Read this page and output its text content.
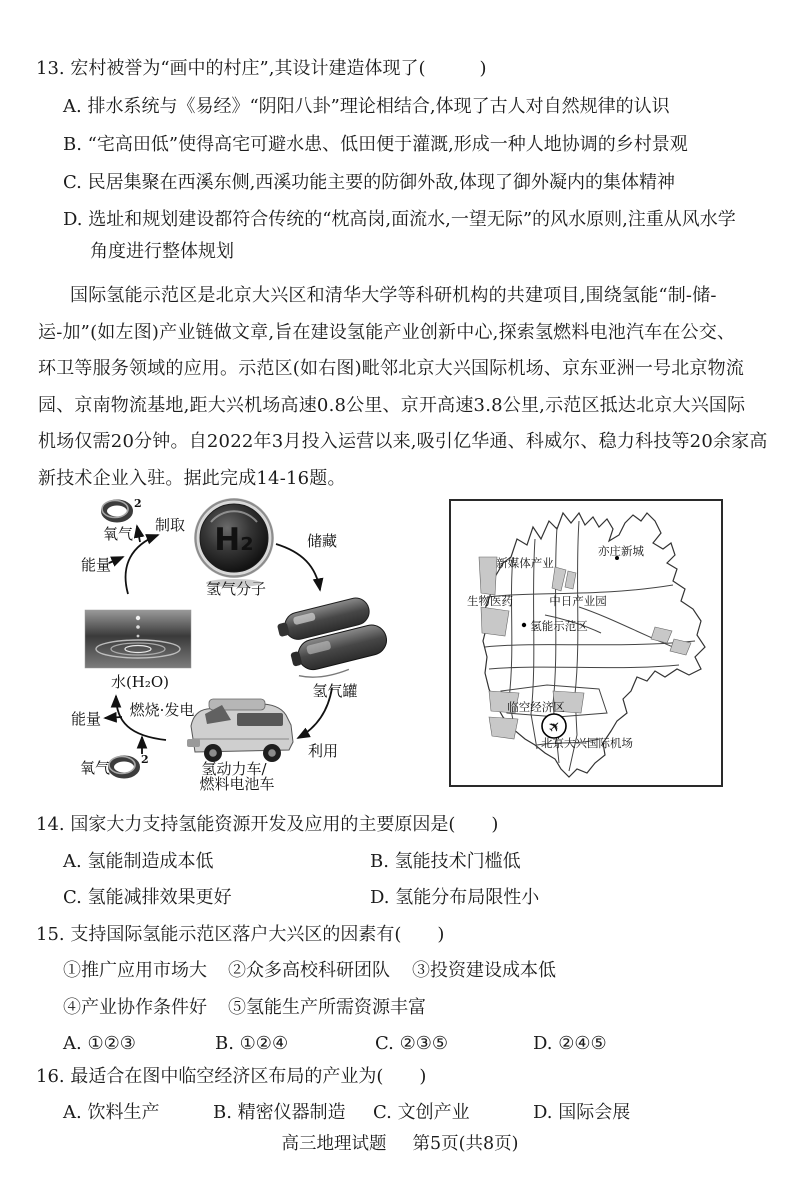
13. 宏村被誉为“画中的村庄”,其设计建造体现了(　　　)
A. 排水系统与《易经》“阴阳八卦”理论相结合,体现了古人对自然规律的认识
B. “宅高田低”使得高宅可避水患、低田便于灌溉,形成一种人地协调的乡村景观
C. 民居集聚在西溪东侧,西溪功能主要的防御外敌,体现了御外凝内的集体精神
D. 选址和规划建设都符合传统的“枕高岗,面流水,一望无际”的风水原则,注重从风水学
角度进行整体规划
国际氢能示范区是北京大兴区和清华大学等科研机构的共建项目,围绕氢能“制-储-
运-加”(如左图)产业链做文章,旨在建设氢能产业创新中心,探索氢燃料电池汽车在公交、
环卫等服务领域的应用。示范区(如右图)毗邻北京大兴国际机场、京东亚洲一号北京物流
园、京南物流基地,距大兴机场高速0.8公里、京开高速3.8公里,示范区抵达北京大兴国际
机场仅需20分钟。自2022年3月投入运营以来,吸引亿华通、科威尔、稳力科技等20余家高
新技术企业入驻。据此完成14-16题。
H₂
2
2
氧气 制取
氢气分子
储藏
能量
水(H₂O)	氢气罐
燃烧·发电
能量
利用
氢动力车/
燃料电池车
氧气
✈
新媒体产业
亦庄新城
生物医药	中日产业园
氢能示范区
临空经济区
北京大兴国际机场
14. 国家大力支持氢能资源开发及应用的主要原因是(　　)
A. 氢能制造成本低	B. 氢能技术门槛低
C. 氢能减排效果更好	D. 氢能分布局限性小
15. 支持国际氢能示范区落户大兴区的因素有(　　)
①推广应用市场大 ②众多高校科研团队 ③投资建设成本低
④产业协作条件好 ⑤氢能生产所需资源丰富
A. ①②③	B. ①②④	C. ②③⑤	D. ②④⑤
16. 最适合在图中临空经济区布局的产业为(　　)
A. 饮料生产	B. 精密仪器制造 C. 文创产业	D. 国际会展
高三地理试题 第5页(共8页)
